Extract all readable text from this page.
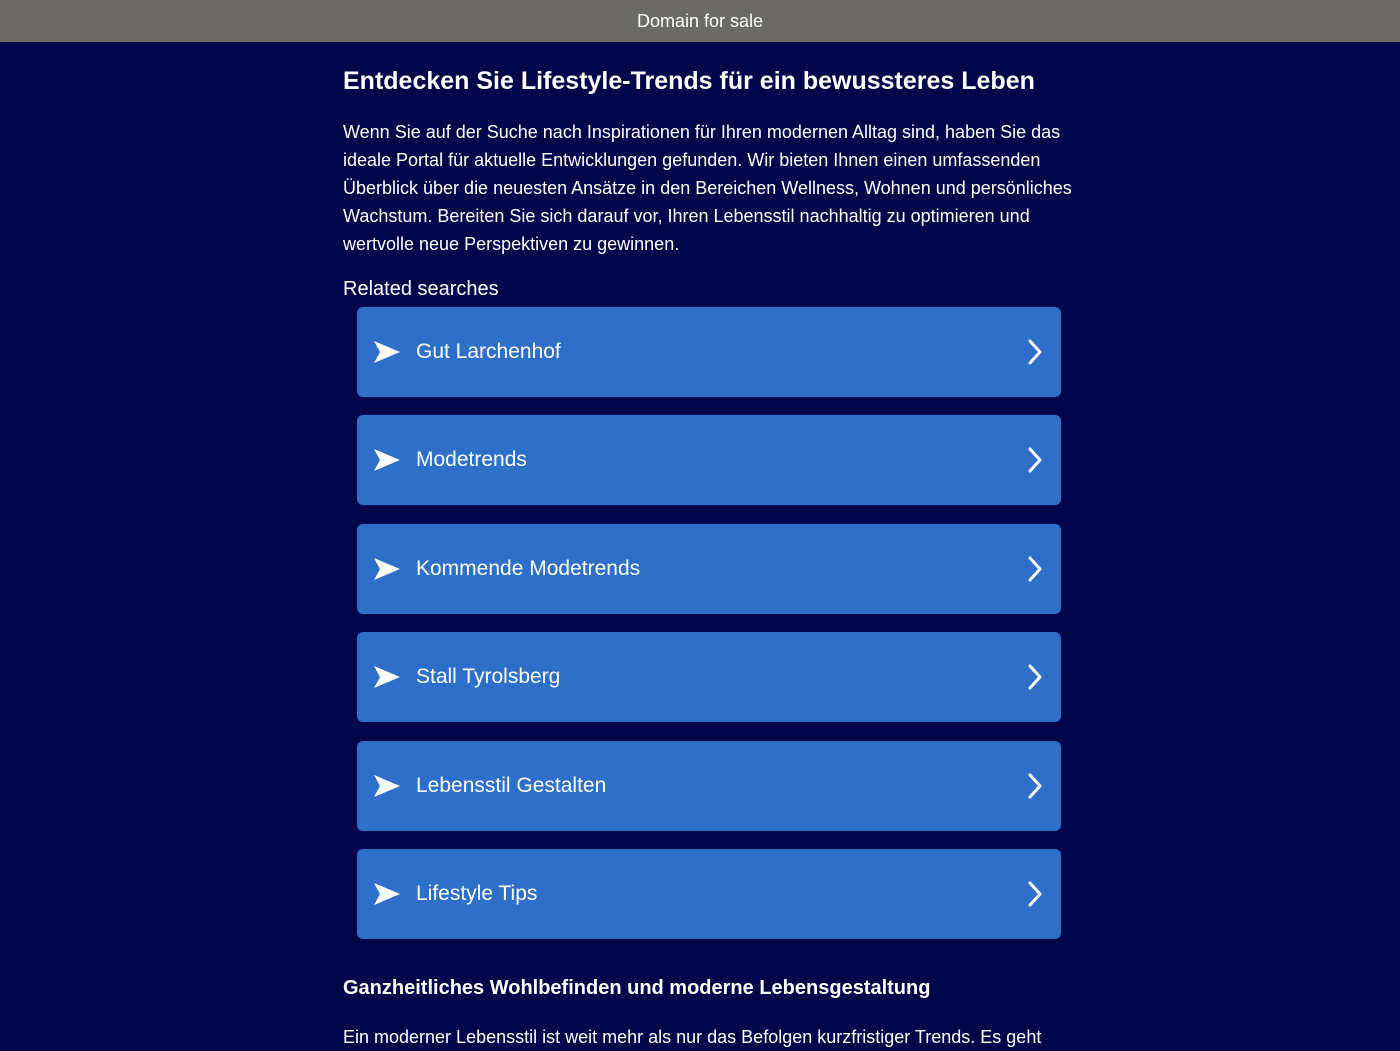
Domain for sale
Entdecken Sie Lifestyle-Trends für ein bewussteres Leben

Wenn Sie auf der Suche nach Inspirationen für Ihren modernen Alltag sind, haben Sie das ideale Portal für aktuelle Entwicklungen gefunden. Wir bieten Ihnen einen umfassenden Überblick über die neuesten Ansätze in den Bereichen Wellness, Wohnen und persönliches Wachstum. Bereiten Sie sich darauf vor, Ihren Lebensstil nachhaltig zu optimieren und wertvolle neue Perspektiven zu gewinnen.

Related searches
Gut Larchenhof
Modetrends
Kommende Modetrends
Stall Tyrolsberg
Lebensstil Gestalten
Lifestyle Tips
Ganzheitliches Wohlbefinden und moderne Lebensgestaltung

Ein moderner Lebensstil ist weit mehr als nur das Befolgen kurzfristiger Trends. Es geht
